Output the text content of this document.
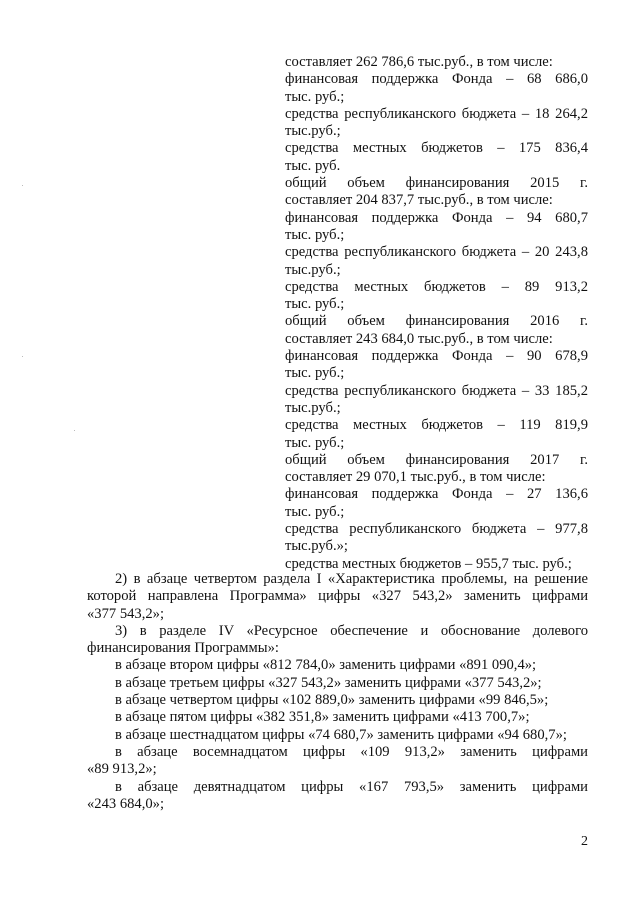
составляет 262 786,6 тыс.руб., в том числе:
финансовая поддержка Фонда – 68 686,0
тыс. руб.;
средства республиканского бюджета – 18 264,2
тыс.руб.;
средства местных бюджетов – 175 836,4
тыс. руб.
общий объем финансирования 2015 г.
составляет 204 837,7 тыс.руб., в том числе:
финансовая поддержка Фонда – 94 680,7
тыс. руб.;
средства республиканского бюджета – 20 243,8
тыс.руб.;
средства местных бюджетов – 89 913,2
тыс. руб.;
общий объем финансирования 2016 г.
составляет 243 684,0 тыс.руб., в том числе:
финансовая поддержка Фонда – 90 678,9
тыс. руб.;
средства республиканского бюджета – 33 185,2
тыс.руб.;
средства местных бюджетов – 119 819,9
тыс. руб.;
общий объем финансирования 2017 г.
составляет 29 070,1 тыс.руб., в том числе:
финансовая поддержка Фонда – 27 136,6
тыс. руб.;
средства республиканского бюджета – 977,8
тыс.руб.»;
средства местных бюджетов – 955,7 тыс. руб.;
2) в абзаце четвертом раздела I «Характеристика проблемы, на решение
которой направлена Программа» цифры «327 543,2» заменить цифрами
«377 543,2»;
3) в разделе IV «Ресурсное обеспечение и обоснование долевого
финансирования Программы»:
в абзаце втором цифры «812 784,0» заменить цифрами «891 090,4»;
в абзаце третьем цифры «327 543,2» заменить цифрами «377 543,2»;
в абзаце четвертом цифры «102 889,0» заменить цифрами «99 846,5»;
в абзаце пятом цифры «382 351,8» заменить цифрами «413 700,7»;
в абзаце шестнадцатом цифры «74 680,7» заменить цифрами «94 680,7»;
в абзаце восемнадцатом цифры «109 913,2» заменить цифрами
«89 913,2»;
в абзаце девятнадцатом цифры «167 793,5» заменить цифрами
«243 684,0»;
2
